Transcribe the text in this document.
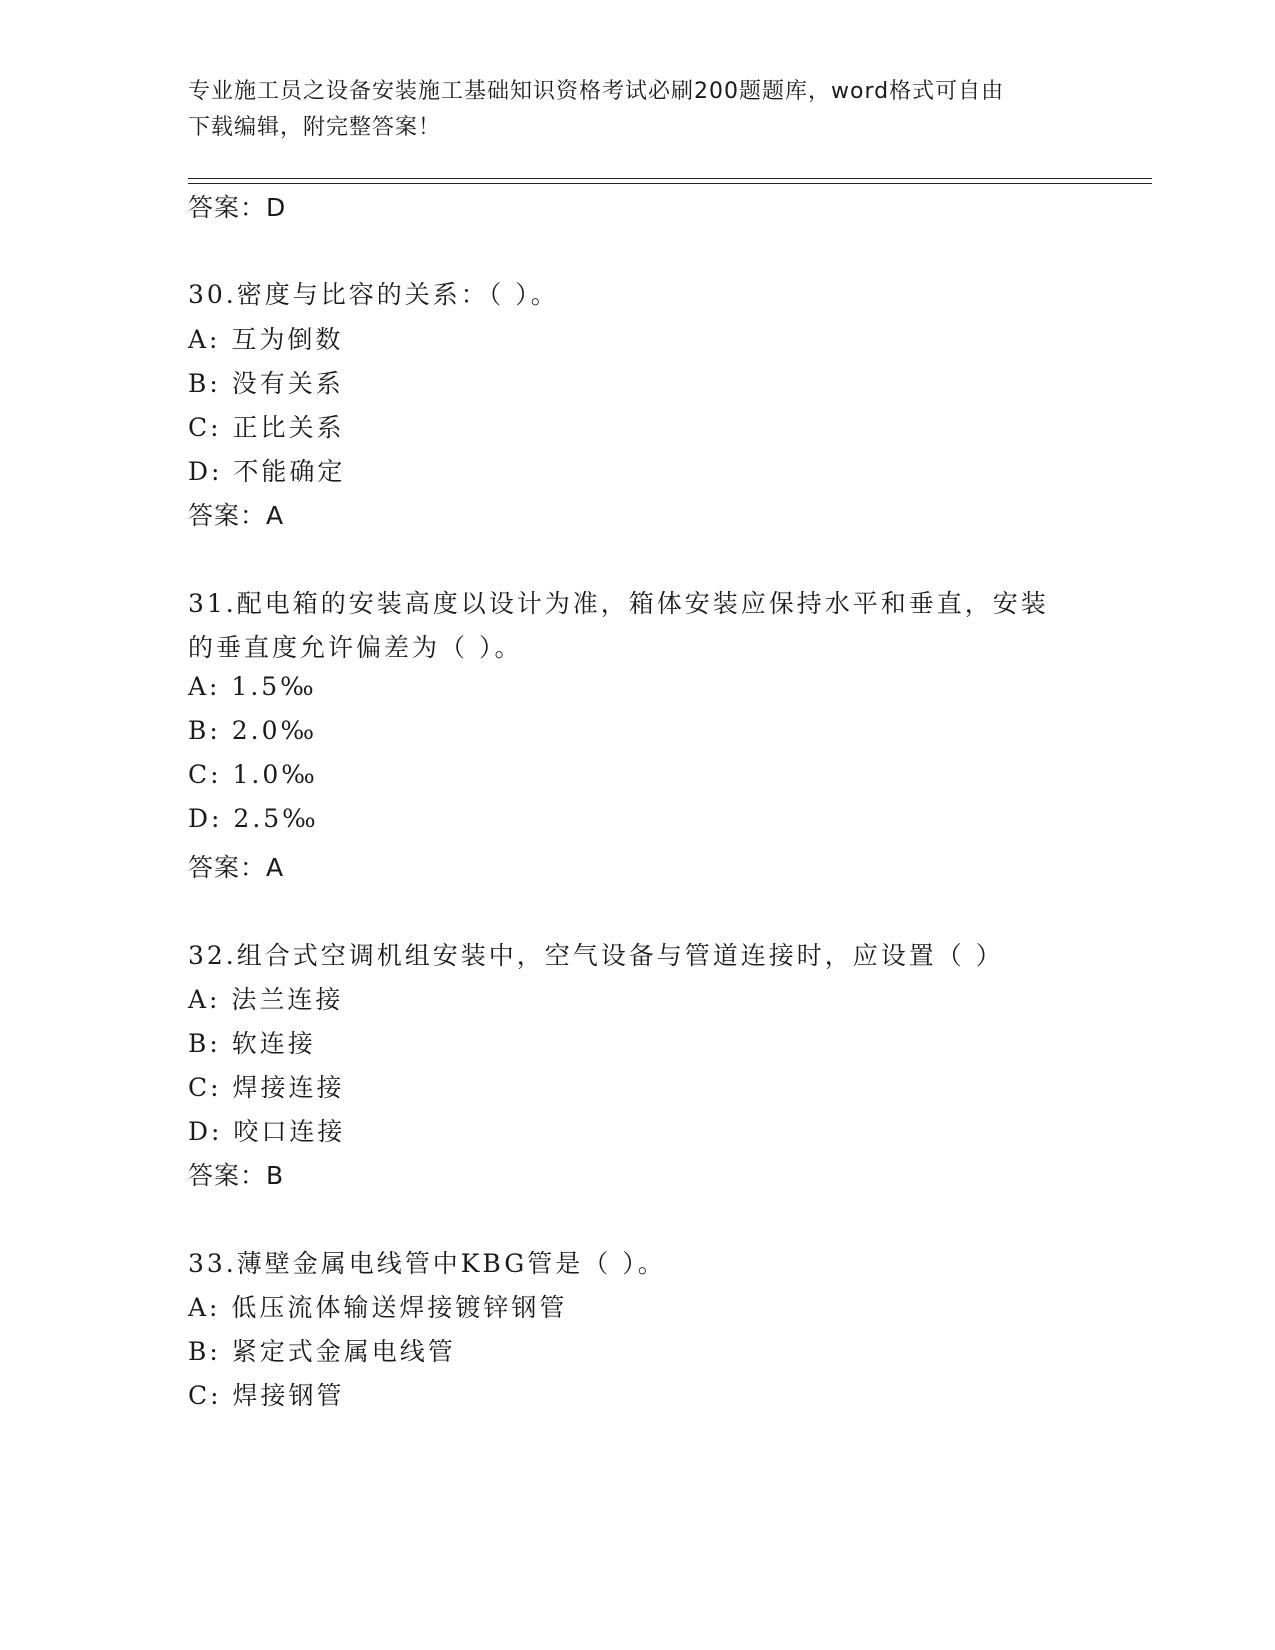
专业施工员之设备安装施工基础知识资格考试必刷200题题库，word格式可自由
下载编辑，附完整答案！
答案：D
30.密度与比容的关系：（ ）。
A: 互为倒数
B: 没有关系
C: 正比关系
D: 不能确定
答案：A
31.配电箱的安装高度以设计为准，箱体安装应保持水平和垂直，安装
的垂直度允许偏差为（ ）。
A: 1.5‰
B: 2.0‰
C: 1.0‰
D: 2.5‰
答案：A
32.组合式空调机组安装中，空气设备与管道连接时，应设置（ ）
A: 法兰连接
B: 软连接
C: 焊接连接
D: 咬口连接
答案：B
33.薄壁金属电线管中KBG管是（ ）。
A: 低压流体输送焊接镀锌钢管
B: 紧定式金属电线管
C: 焊接钢管
